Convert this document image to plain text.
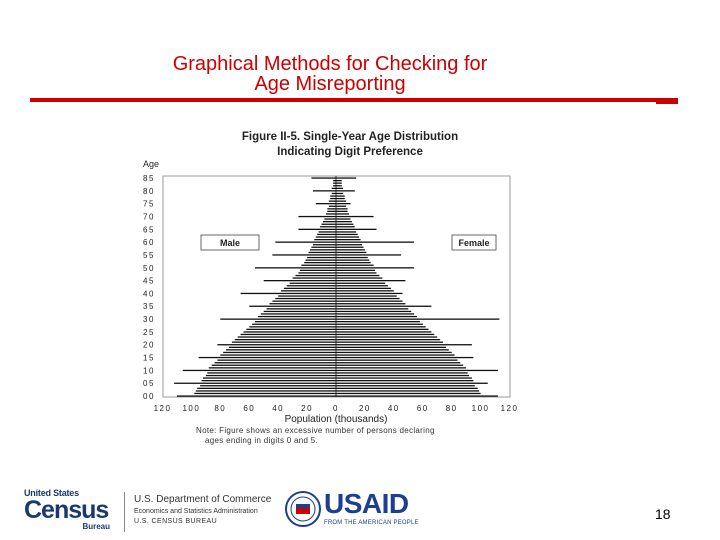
Graphical Methods for Checking for
Age Misreporting
Figure II-5. Single-Year Age Distribution
Indicating Digit Preference
00
05
10
15
20
25
30
35
40
45
50
55
60
65
70
75
80
85
120 100 80 60 40 20 0 20 40 60 80 100 120
Age
Population (thousands)
Male	Female
Note: Figure shows an excessive number of persons declaring
ages ending in digits 0 and 5.
United States
Census
Bureau
U.S. Department of Commerce
Economics and Statistics Administration
U.S. CENSUS BUREAU
USAID
FROM THE AMERICAN PEOPLE
18
